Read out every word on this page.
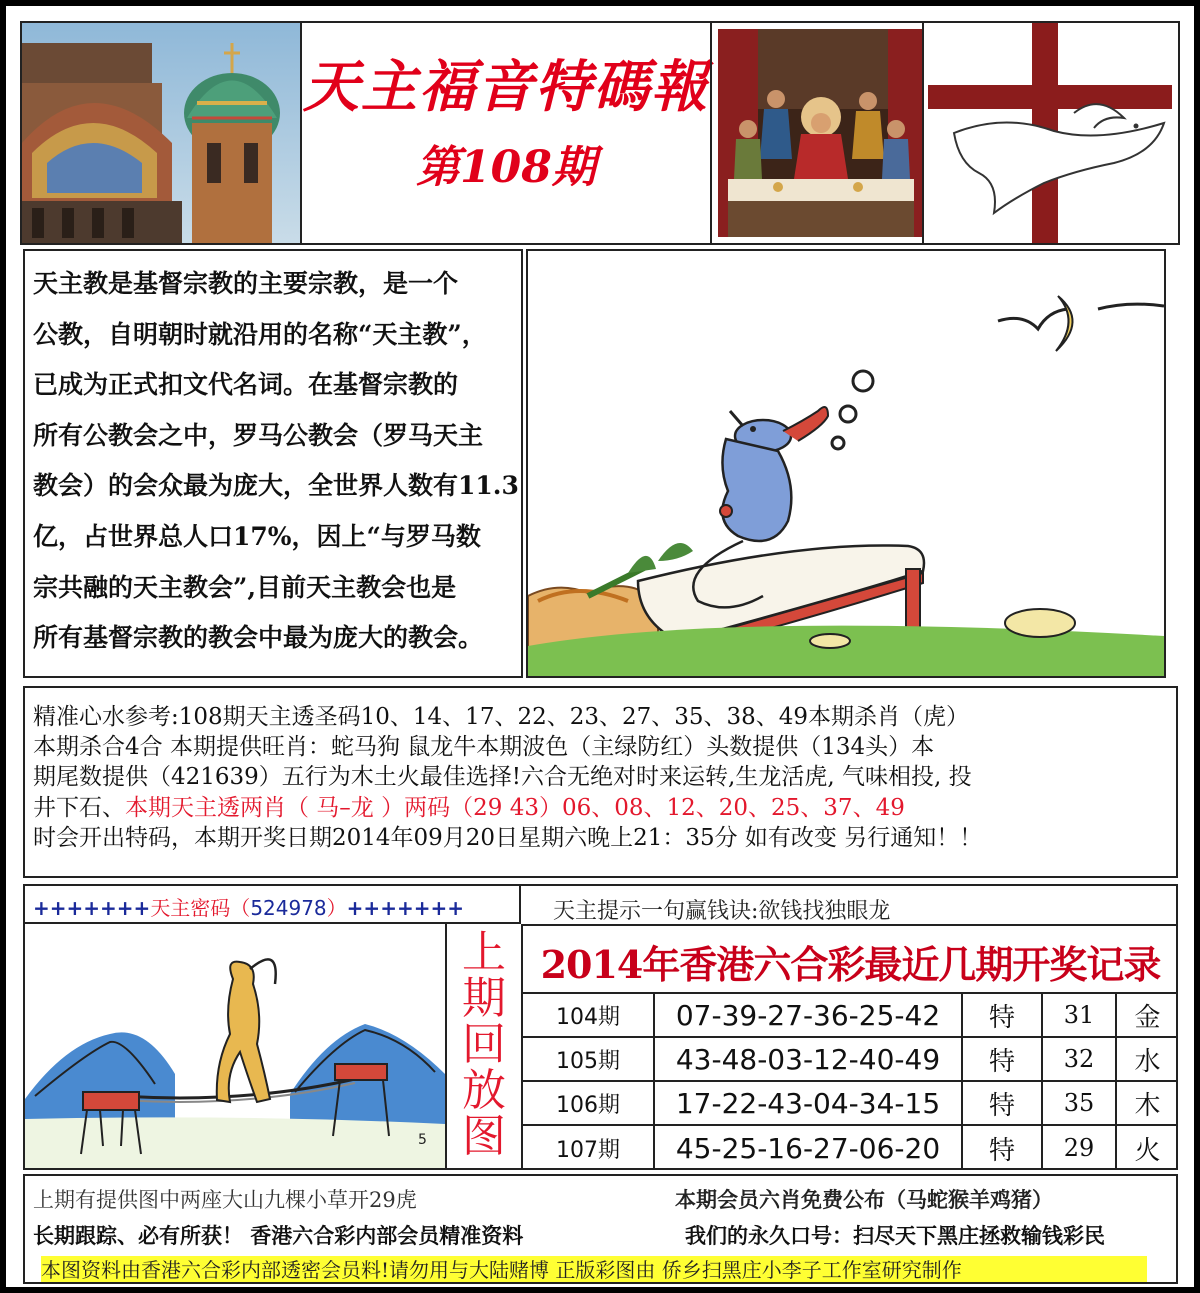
天主福音特碼報
第108期

天主教是基督宗教的主要宗教，是一个

公教，自明朝时就沿用的名称“天主教”，

已成为正式扣文代名词。在基督宗教的

所有公教会之中，罗马公教会（罗马天主

教会）的会众最为庞大，全世界人数有11.3

亿，占世界总人口17%，因上“与罗马数

宗共融的天主教会”,目前天主教会也是

所有基督宗教的教会中最为庞大的教会。

精准心水参考:108期天主透圣码10、14、17、22、23、27、35、38、49本期杀肖（虎）
本期杀合4合 本期提供旺肖：蛇马狗 鼠龙牛本期波色（主绿防红）头数提供（134头）本
期尾数提供（421639）五行为木土火最佳选择!六合无绝对时来运转,生龙活虎, 气味相投, 投
井下石、本期天主透两肖（ 马–龙 ）两码（29 43）06、08、12、20、25、37、49
时会开出特码，本期开奖日期2014年09月20日星期六晚上21：35分 如有改变 另行通知！！
+++++++天主密码（524978）+++++++	天主提示一句赢钱诀:欲钱找独眼龙
5
上
期
回
放
图
2014年香港六合彩最近几期开奖记录
104期	07-39-27-36-25-42	特	31	金
105期	43-48-03-12-40-49	特	32	水
106期	17-22-43-04-34-15	特	35	木
107期	45-25-16-27-06-20	特	29	火
上期有提供图中两座大山九棵小草开29虎	本期会员六肖免费公布（马蛇猴羊鸡猪）
长期跟踪、必有所获！ 香港六合彩内部会员精准资料	我们的永久口号：扫尽天下黑庄拯救输钱彩民
本图资料由香港六合彩内部透密会员料!请勿用与大陆赌博 正版彩图由 侨乡扫黑庄小李子工作室研究制作
